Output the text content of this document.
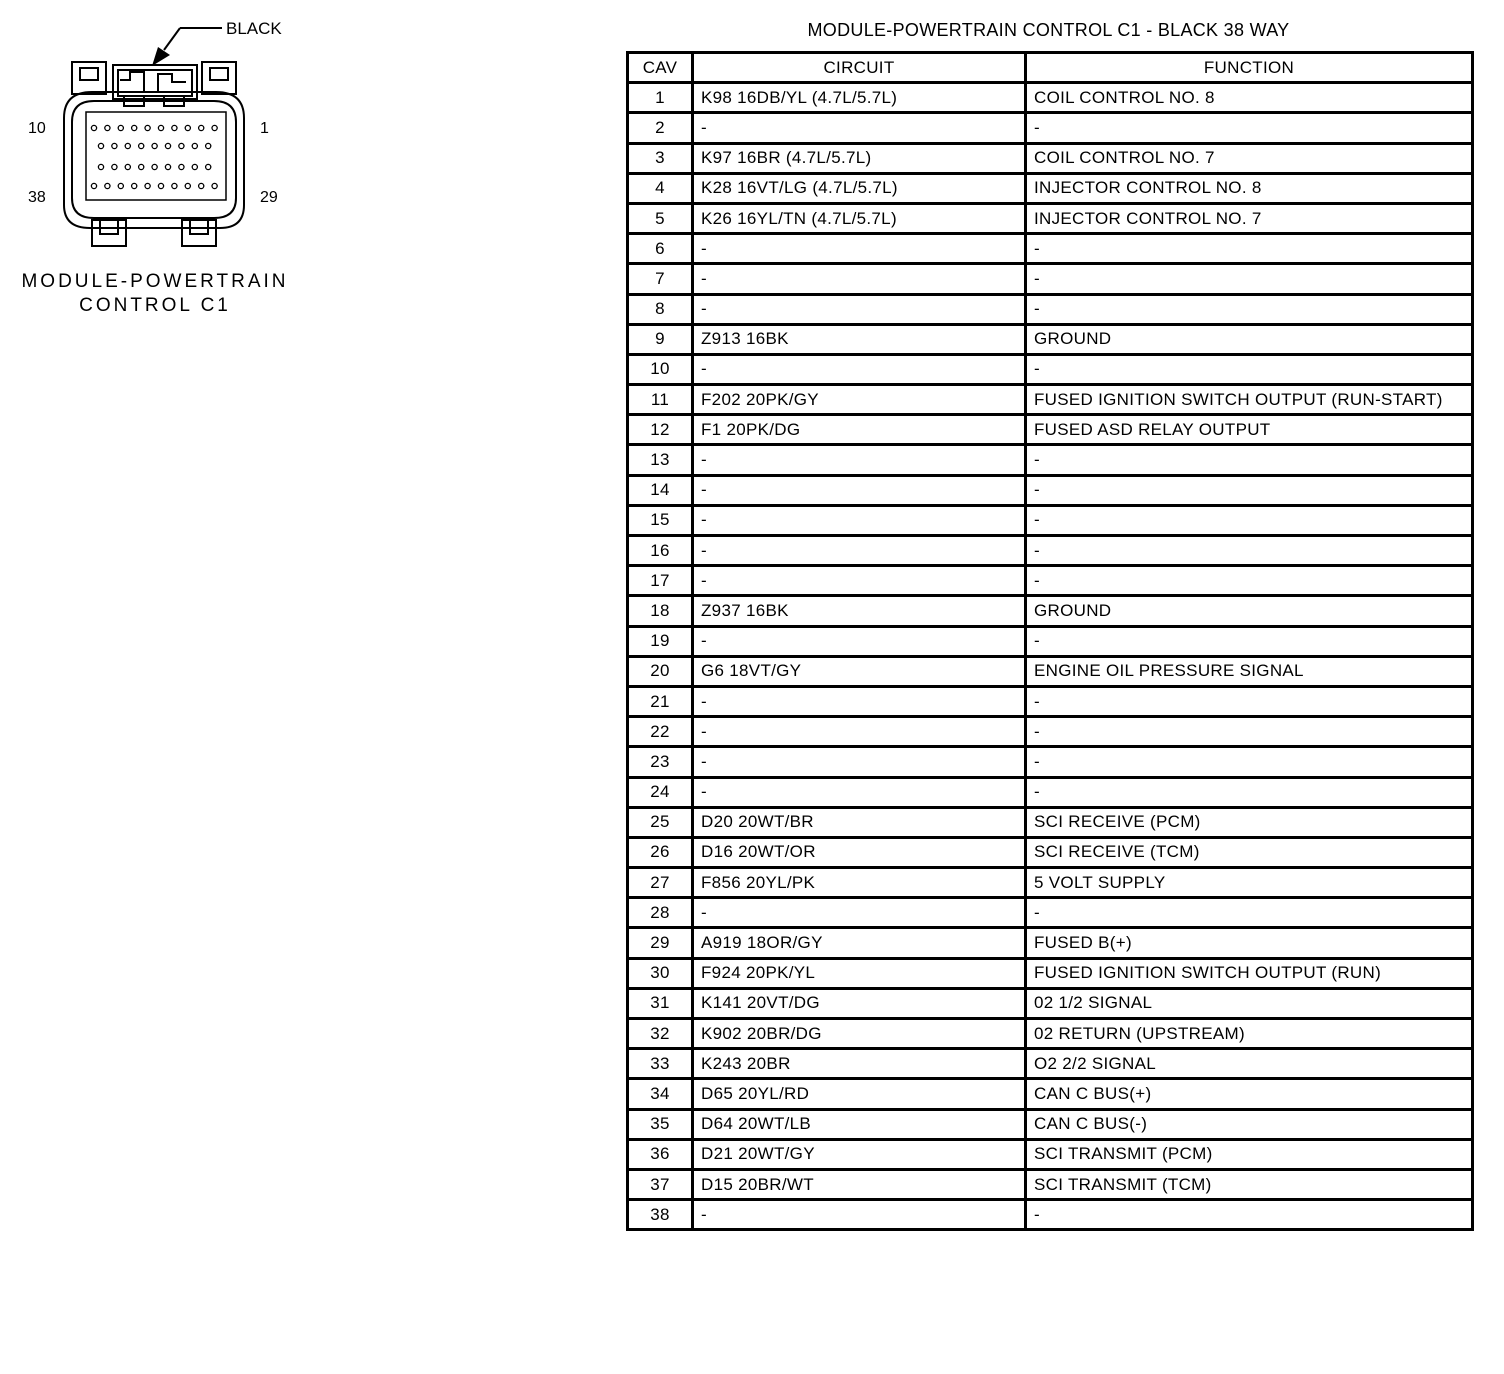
BLACK
10	1
38	29
MODULE-POWERTRAIN
CONTROL C1
MODULE-POWERTRAIN CONTROL C1 - BLACK 38 WAY
CAV	CIRCUIT	FUNCTION
1	K98 16DB/YL (4.7L/5.7L)	COIL CONTROL NO. 8
2	-	-
3	K97 16BR (4.7L/5.7L)	COIL CONTROL NO. 7
4	K28 16VT/LG (4.7L/5.7L)	INJECTOR CONTROL NO. 8
5	K26 16YL/TN (4.7L/5.7L)	INJECTOR CONTROL NO. 7
6	-	-
7	-	-
8	-	-
9	Z913 16BK	GROUND
10	-	-
11	F202 20PK/GY	FUSED IGNITION SWITCH OUTPUT (RUN-START)
12	F1 20PK/DG	FUSED ASD RELAY OUTPUT
13	-	-
14	-	-
15	-	-
16	-	-
17	-	-
18	Z937 16BK	GROUND
19	-	-
20	G6 18VT/GY	ENGINE OIL PRESSURE SIGNAL
21	-	-
22	-	-
23	-	-
24	-	-
25	D20 20WT/BR	SCI RECEIVE (PCM)
26	D16 20WT/OR	SCI RECEIVE (TCM)
27	F856 20YL/PK	5 VOLT SUPPLY
28	-	-
29	A919 18OR/GY	FUSED B(+)
30	F924 20PK/YL	FUSED IGNITION SWITCH OUTPUT (RUN)
31	K141 20VT/DG	02 1/2 SIGNAL
32	K902 20BR/DG	02 RETURN (UPSTREAM)
33	K243 20BR	O2 2/2 SIGNAL
34	D65 20YL/RD	CAN C BUS(+)
35	D64 20WT/LB	CAN C BUS(-)
36	D21 20WT/GY	SCI TRANSMIT (PCM)
37	D15 20BR/WT	SCI TRANSMIT (TCM)
38	-	-
